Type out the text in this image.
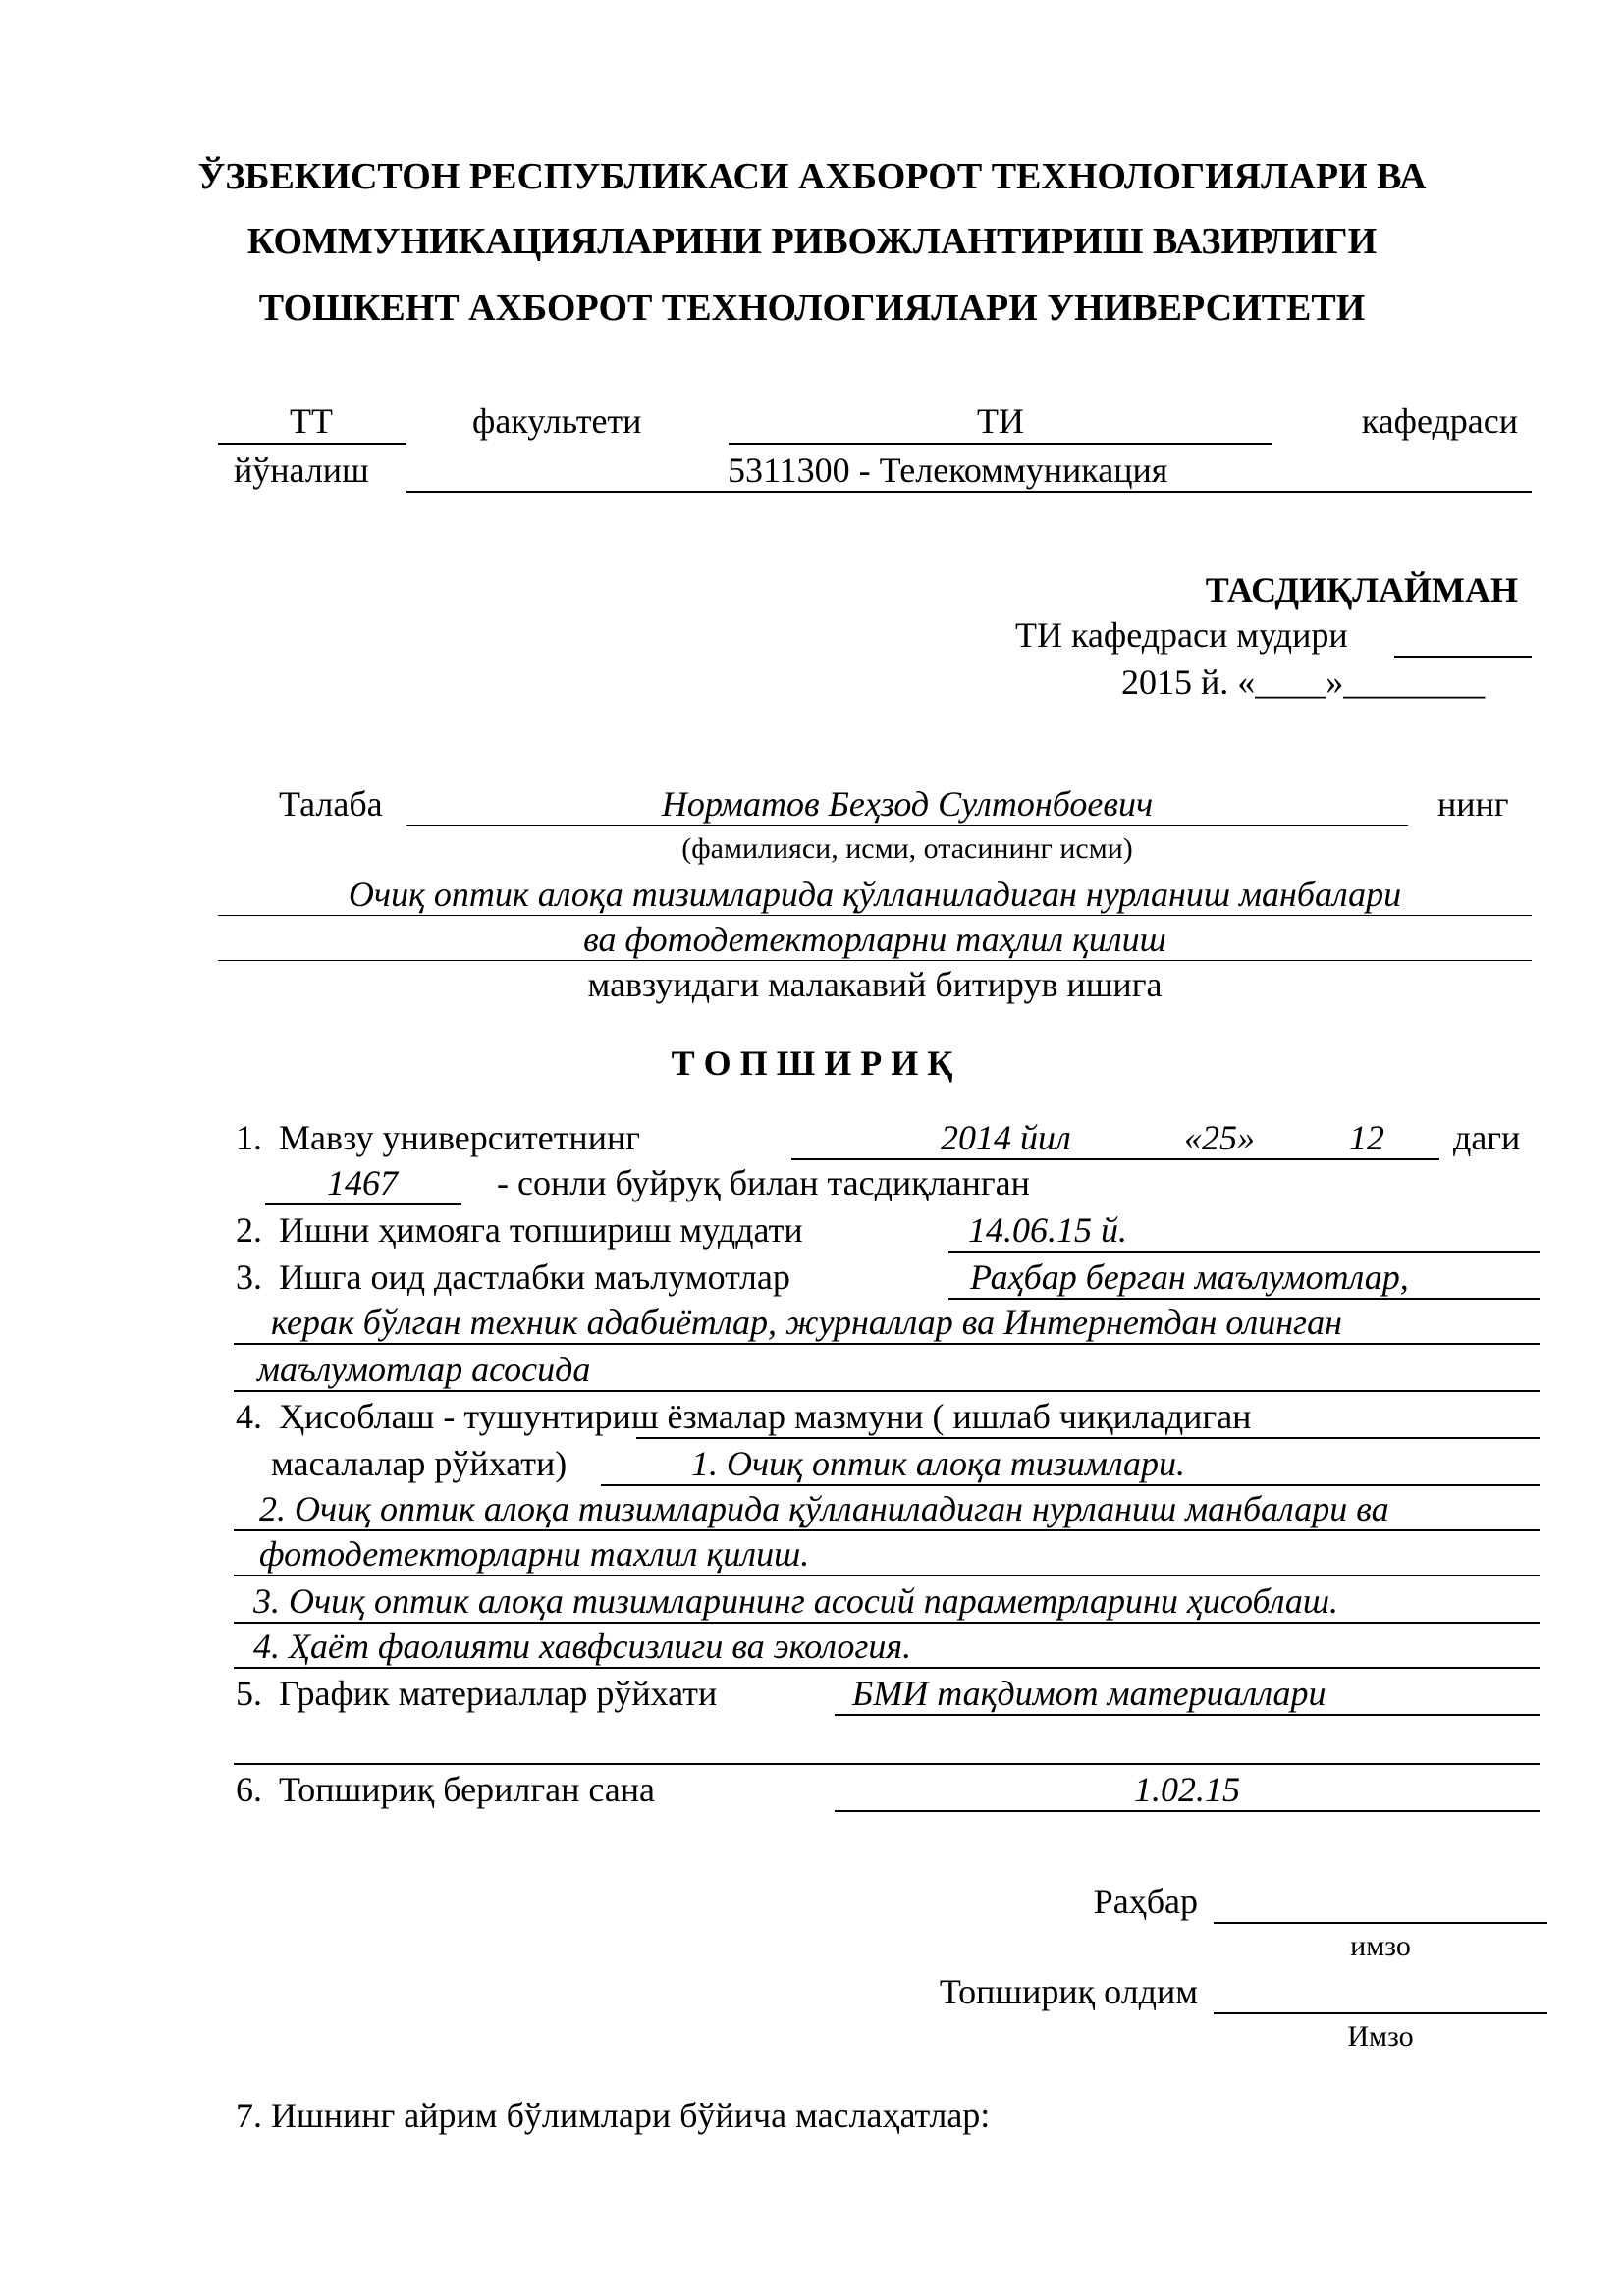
ЎЗБЕКИСТОН РЕСПУБЛИКАСИ АХБОРОТ ТЕХНОЛОГИЯЛАРИ ВА
КОММУНИКАЦИЯЛАРИНИ РИВОЖЛАНТИРИШ ВАЗИРЛИГИ
ТОШКЕНТ АХБОРОТ ТЕХНОЛОГИЯЛАРИ УНИВЕРСИТЕТИ
ТТ	факультети	ТИ	кафедраси
йўналиш	5311300 - Телекоммуникация
ТАСДИҚЛАЙМАН
ТИ кафедраси мудири
2015 й. «____»________
Талаба	Норматов Беҳзод Султонбоевич	нинг
(фамилияси, исми, отасининг исми)
Очиқ оптик алоқа тизимларида қўлланиладиган нурланиш манбалари
ва фотодетекторларни таҳлил қилиш
мавзуидаги малакавий битирув ишига
Т О П Ш И Р И Қ
1. Мавзу университетнинг	2014 йил	«25»	12 даги
1467	- сонли буйруқ билан тасдиқланган
2. Ишни ҳимояга топшириш муддати	14.06.15 й.
3. Ишга оид дастлабки маълумотлар	Раҳбар берган маълумотлар,
керак бўлган техник адабиётлар, журналлар ва Интернетдан олинган
маълумотлар асосида
4. Ҳисоблаш - тушунтириш ёзмалар мазмуни ( ишлаб чиқиладиган
масалалар рўйхати)	1. Очиқ оптик алоқа тизимлари.
2. Очиқ оптик алоқа тизимларида қўлланиладиган нурланиш манбалари ва
фотодетекторларни тахлил қилиш.
3. Очиқ оптик алоқа тизимларининг асосий параметрларини ҳисоблаш.
4. Ҳаёт фаолияти хавфсизлиги ва экология.
5. График материаллар рўйхати	БМИ тақдимот материаллари
6. Топшириқ берилган сана	1.02.15
Раҳбар
имзо
Топшириқ олдим
Имзо
7. Ишнинг айрим бўлимлари бўйича маслаҳатлар:
